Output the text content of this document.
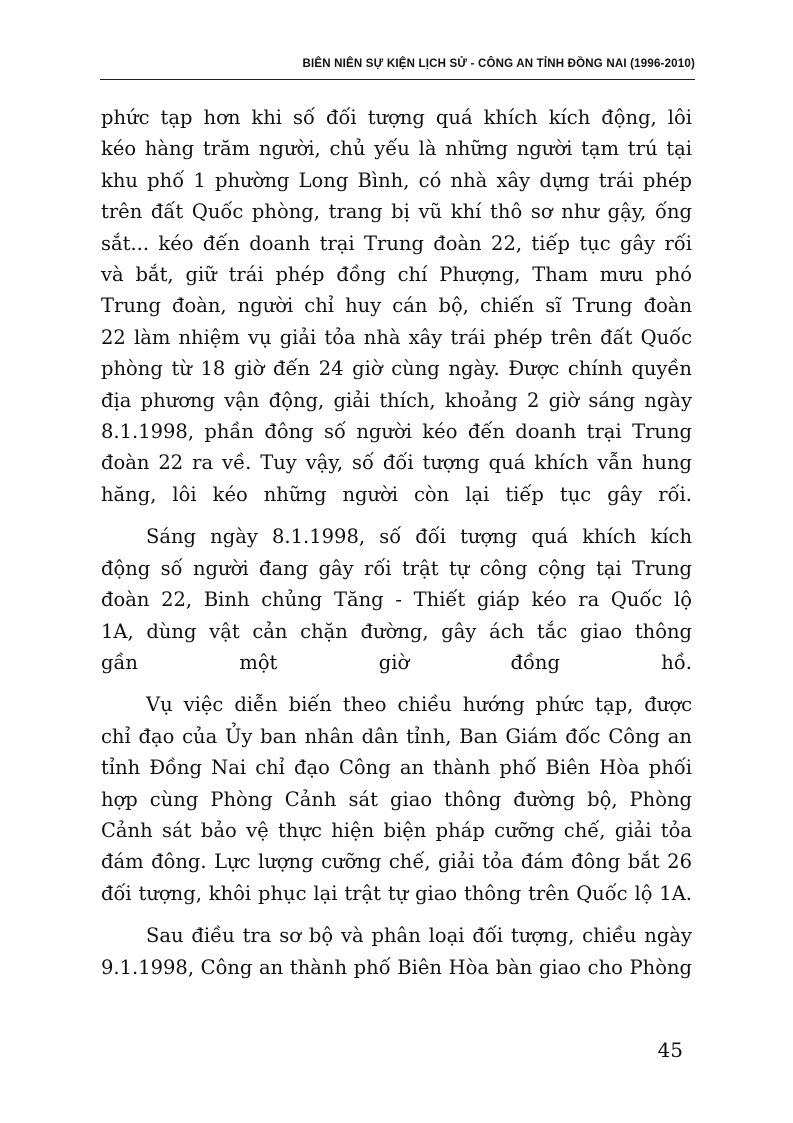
BIÊN NIÊN SỰ KIỆN LỊCH SỬ - CÔNG AN TỈNH ĐỒNG NAI (1996-2010)

phức tạp hơn khi số đối tượng quá khích kích động, lôi
kéo hàng trăm người, chủ yếu là những người tạm trú tại
khu phố 1 phường Long Bình, có nhà xây dựng trái phép
trên đất Quốc phòng, trang bị vũ khí thô sơ như gậy, ống
sắt... kéo đến doanh trại Trung đoàn 22, tiếp tục gây rối
và bắt, giữ trái phép đồng chí Phượng, Tham mưu phó
Trung đoàn, người chỉ huy cán bộ, chiến sĩ Trung đoàn
22 làm nhiệm vụ giải tỏa nhà xây trái phép trên đất Quốc
phòng từ 18 giờ đến 24 giờ cùng ngày. Được chính quyền
địa phương vận động, giải thích, khoảng 2 giờ sáng ngày
8.1.1998, phần đông số người kéo đến doanh trại Trung
đoàn 22 ra về. Tuy vậy, số đối tượng quá khích vẫn hung
hăng, lôi kéo những người còn lại tiếp tục gây rối.

Sáng ngày 8.1.1998, số đối tượng quá khích kích
động số người đang gây rối trật tự công cộng tại Trung
đoàn 22, Binh chủng Tăng - Thiết giáp kéo ra Quốc lộ
1A, dùng vật cản chặn đường, gây ách tắc giao thông
gần một giờ đồng hồ.

Vụ việc diễn biến theo chiều hướng phức tạp, được
chỉ đạo của Ủy ban nhân dân tỉnh, Ban Giám đốc Công an
tỉnh Đồng Nai chỉ đạo Công an thành phố Biên Hòa phối
hợp cùng Phòng Cảnh sát giao thông đường bộ, Phòng
Cảnh sát bảo vệ thực hiện biện pháp cưỡng chế, giải tỏa
đám đông. Lực lượng cưỡng chế, giải tỏa đám đông bắt 26
đối tượng, khôi phục lại trật tự giao thông trên Quốc lộ 1A.

Sau điều tra sơ bộ và phân loại đối tượng, chiều ngày
9.1.1998, Công an thành phố Biên Hòa bàn giao cho Phòng

45
